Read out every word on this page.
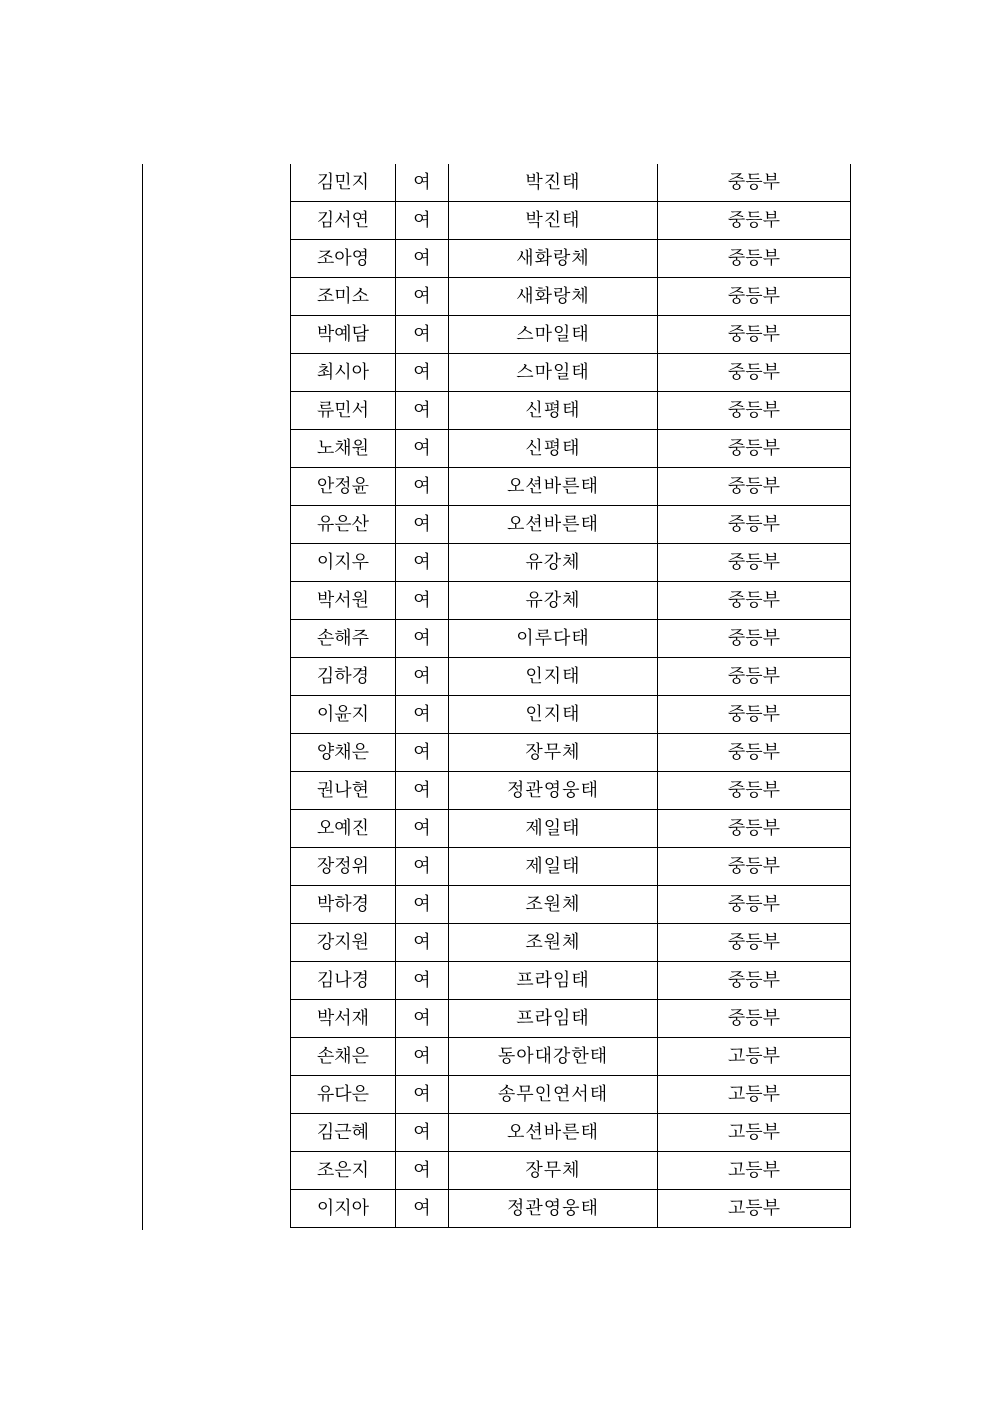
김민지	여	박진태	중등부
김서연	여	박진태	중등부
조아영	여	새화랑체	중등부
조미소	여	새화랑체	중등부
박예담	여	스마일태	중등부
최시아	여	스마일태	중등부
류민서	여	신평태	중등부
노채원	여	신평태	중등부
안정윤	여	오션바른태	중등부
유은산	여	오션바른태	중등부
이지우	여	유강체	중등부
박서원	여	유강체	중등부
손해주	여	이루다태	중등부
김하경	여	인지태	중등부
이윤지	여	인지태	중등부
양채은	여	장무체	중등부
권나현	여	정관영웅태	중등부
오예진	여	제일태	중등부
장정위	여	제일태	중등부
박하경	여	조원체	중등부
강지원	여	조원체	중등부
김나경	여	프라임태	중등부
박서재	여	프라임태	중등부
손채은	여	동아대강한태	고등부
유다은	여	송무인연서태	고등부
김근혜	여	오션바른태	고등부
조은지	여	장무체	고등부
이지아	여	정관영웅태	고등부
